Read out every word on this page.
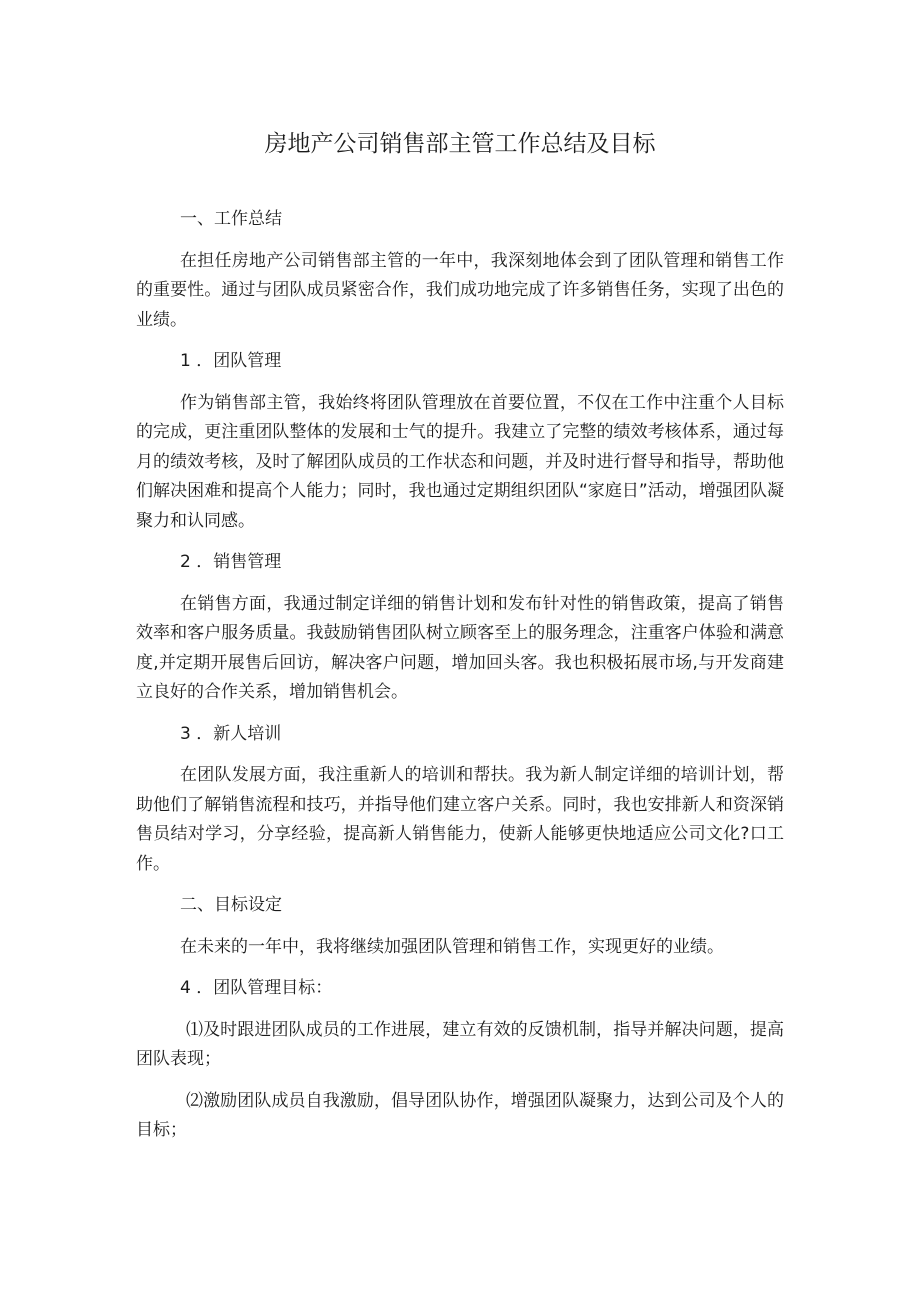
房地产公司销售部主管工作总结及目标

一、工作总结

在担任房地产公司销售部主管的一年中，我深刻地体会到了团队管理和销售工作的重要性。通过与团队成员紧密合作，我们成功地完成了许多销售任务，实现了出色的业绩。

1 ．团队管理

作为销售部主管，我始终将团队管理放在首要位置，不仅在工作中注重个人目标的完成，更注重团队整体的发展和士气的提升。我建立了完整的绩效考核体系，通过每月的绩效考核，及时了解团队成员的工作状态和问题，并及时进行督导和指导，帮助他们解决困难和提高个人能力；同时，我也通过定期组织团队“家庭日”活动，增强团队凝聚力和认同感。

2 ．销售管理

在销售方面，我通过制定详细的销售计划和发布针对性的销售政策，提高了销售效率和客户服务质量。我鼓励销售团队树立顾客至上的服务理念，注重客户体验和满意度,并定期开展售后回访，解决客户问题，增加回头客。我也积极拓展市场,与开发商建立良好的合作关系，增加销售机会。

3 ．新人培训

在团队发展方面，我注重新人的培训和帮扶。我为新人制定详细的培训计划，帮助他们了解销售流程和技巧，并指导他们建立客户关系。同时，我也安排新人和资深销售员结对学习，分享经验，提高新人销售能力，使新人能够更快地适应公司文化?口工作。

二、目标设定

在未来的一年中，我将继续加强团队管理和销售工作，实现更好的业绩。

4 ．团队管理目标：

⑴及时跟进团队成员的工作进展，建立有效的反馈机制，指导并解决问题，提高团队表现；

⑵激励团队成员自我激励，倡导团队协作，增强团队凝聚力，达到公司及个人的目标；
